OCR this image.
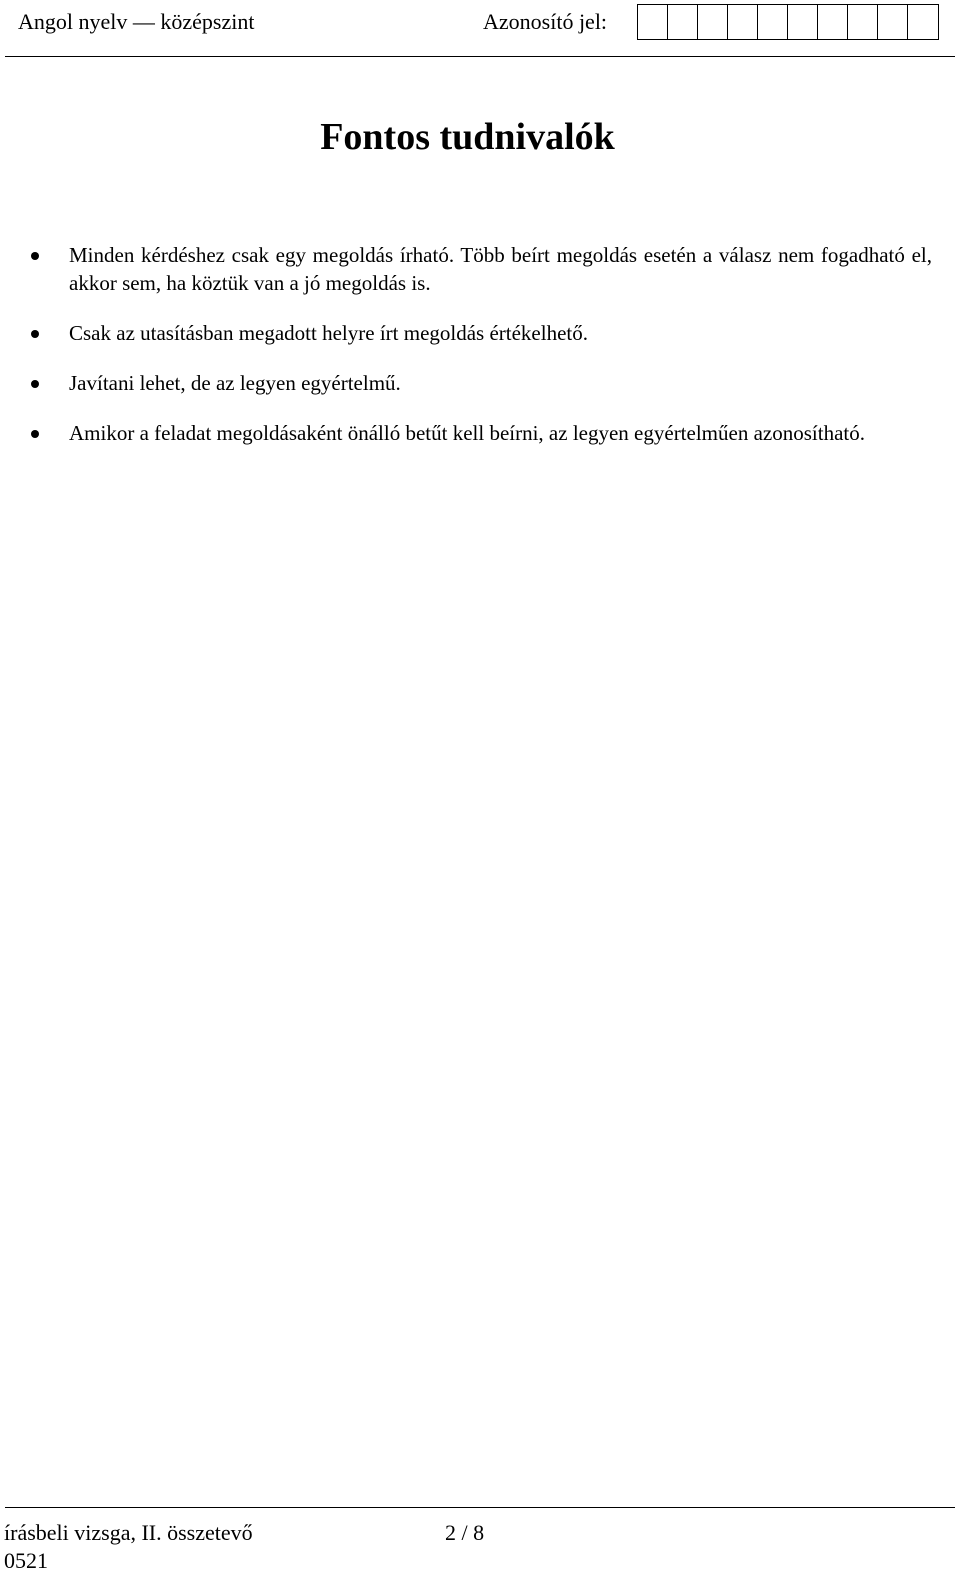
Angol nyelv — középszint	Azonosító jel:
Fontos tudnivalók
Minden kérdéshez csak egy megoldás írható. Több beírt megoldás esetén a válasz nem fogadható el, akkor sem, ha köztük van a jó megoldás is.
Csak az utasításban megadott helyre írt megoldás értékelhető.
Javítani lehet, de az legyen egyértelmű.
Amikor a feladat megoldásaként önálló betűt kell beírni, az legyen egyértelműen azonosítható.
írásbeli vizsga, II. összetevő	2 / 8
0521
